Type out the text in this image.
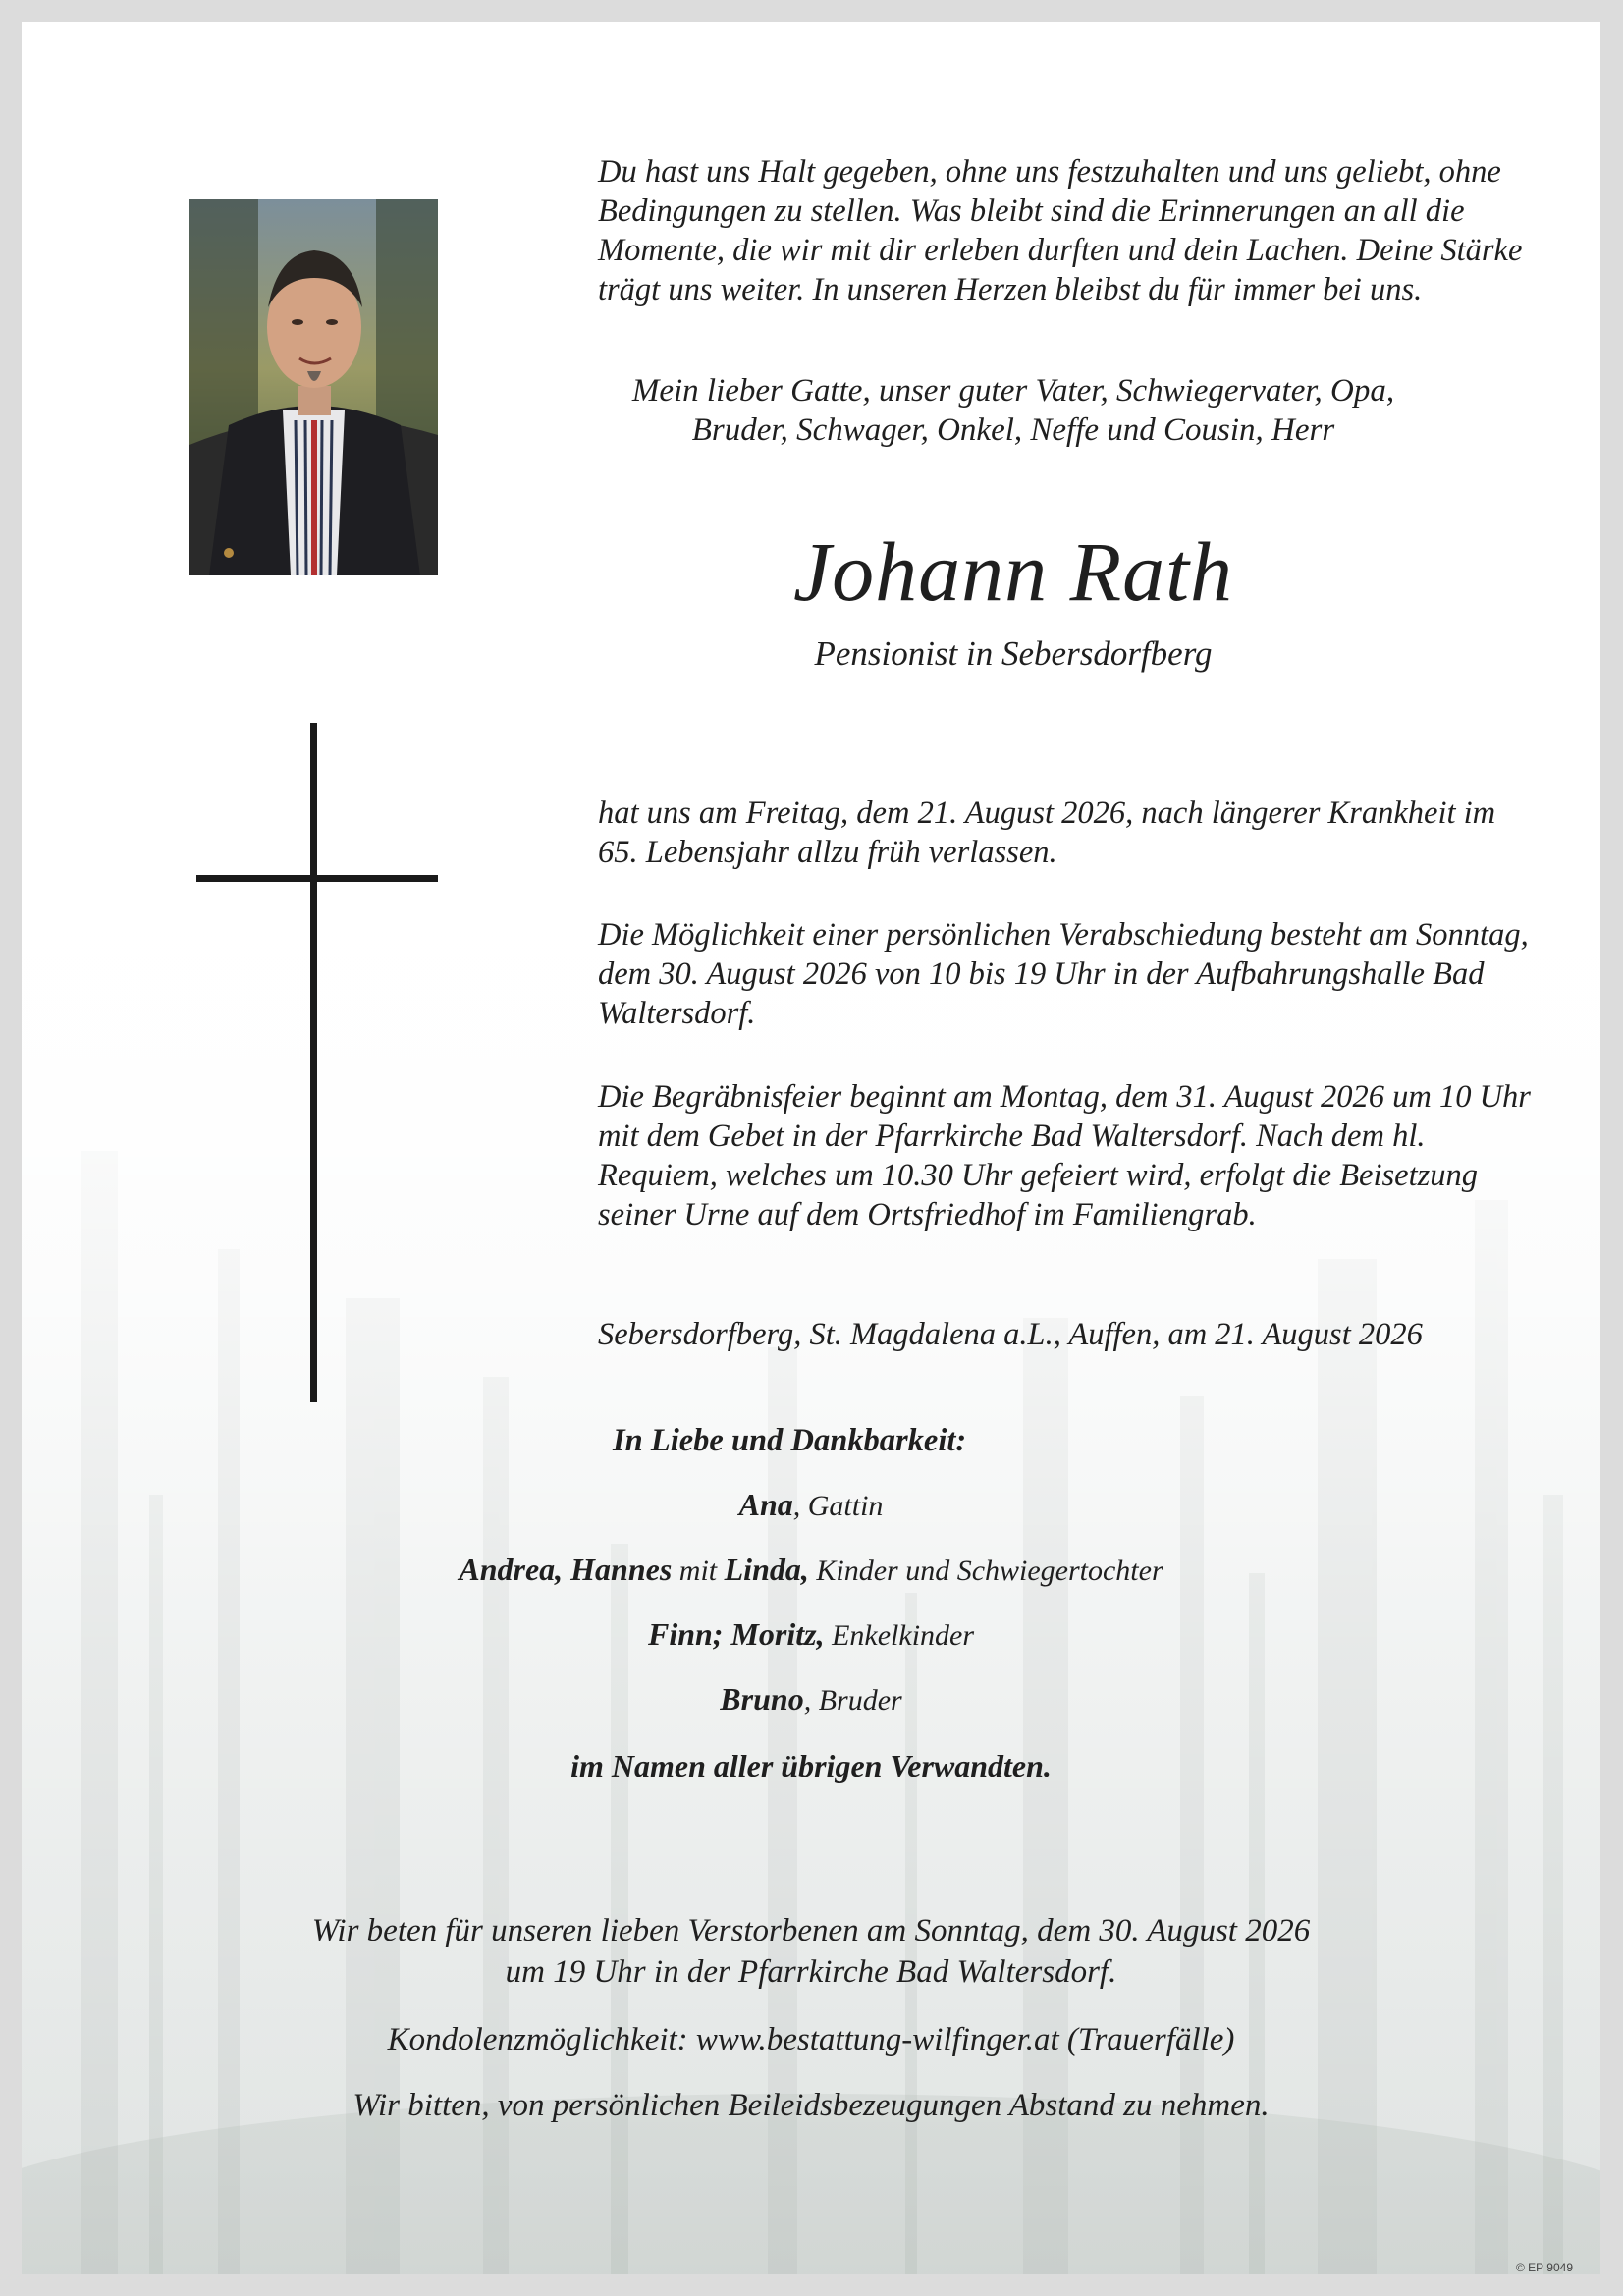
Du hast uns Halt gegeben, ohne uns festzuhalten und uns geliebt, ohne Bedingungen zu stellen. Was bleibt sind die Erinnerungen an all die Momente, die wir mit dir erleben durften und dein Lachen. Deine Stärke trägt uns weiter. In unseren Herzen bleibst du für immer bei uns.

Mein lieber Gatte, unser guter Vater, Schwiegervater, Opa,
Bruder, Schwager, Onkel, Neffe und Cousin, Herr

Johann Rath

Pensionist in Sebersdorfberg

hat uns am Freitag, dem 21. August 2026, nach längerer Krankheit im 65. Lebensjahr allzu früh verlassen.

Die Möglichkeit einer persönlichen Verabschiedung besteht am Sonntag, dem 30. August 2026 von 10 bis 19 Uhr in der Aufbahrungshalle Bad Waltersdorf.

Die Begräbnisfeier beginnt am Montag, dem 31. August 2026 um 10 Uhr mit dem Gebet in der Pfarrkirche Bad Waltersdorf. Nach dem hl. Requiem, welches um 10.30 Uhr gefeiert wird, erfolgt die Beisetzung seiner Urne auf dem Ortsfriedhof im Familiengrab.

Sebersdorfberg, St. Magdalena a.L., Auffen, am 21. August 2026

In Liebe und Dankbarkeit:

Ana, Gattin

Andrea, Hannes mit Linda, Kinder und Schwiegertochter

Finn; Moritz, Enkelkinder

Bruno, Bruder

im Namen aller übrigen Verwandten.

Wir beten für unseren lieben Verstorbenen am Sonntag, dem 30. August 2026

um 19 Uhr in der Pfarrkirche Bad Waltersdorf.

Kondolenzmöglichkeit: www.bestattung-wilfinger.at (Trauerfälle)

Wir bitten, von persönlichen Beileidsbezeugungen Abstand zu nehmen.

© EP 9049
